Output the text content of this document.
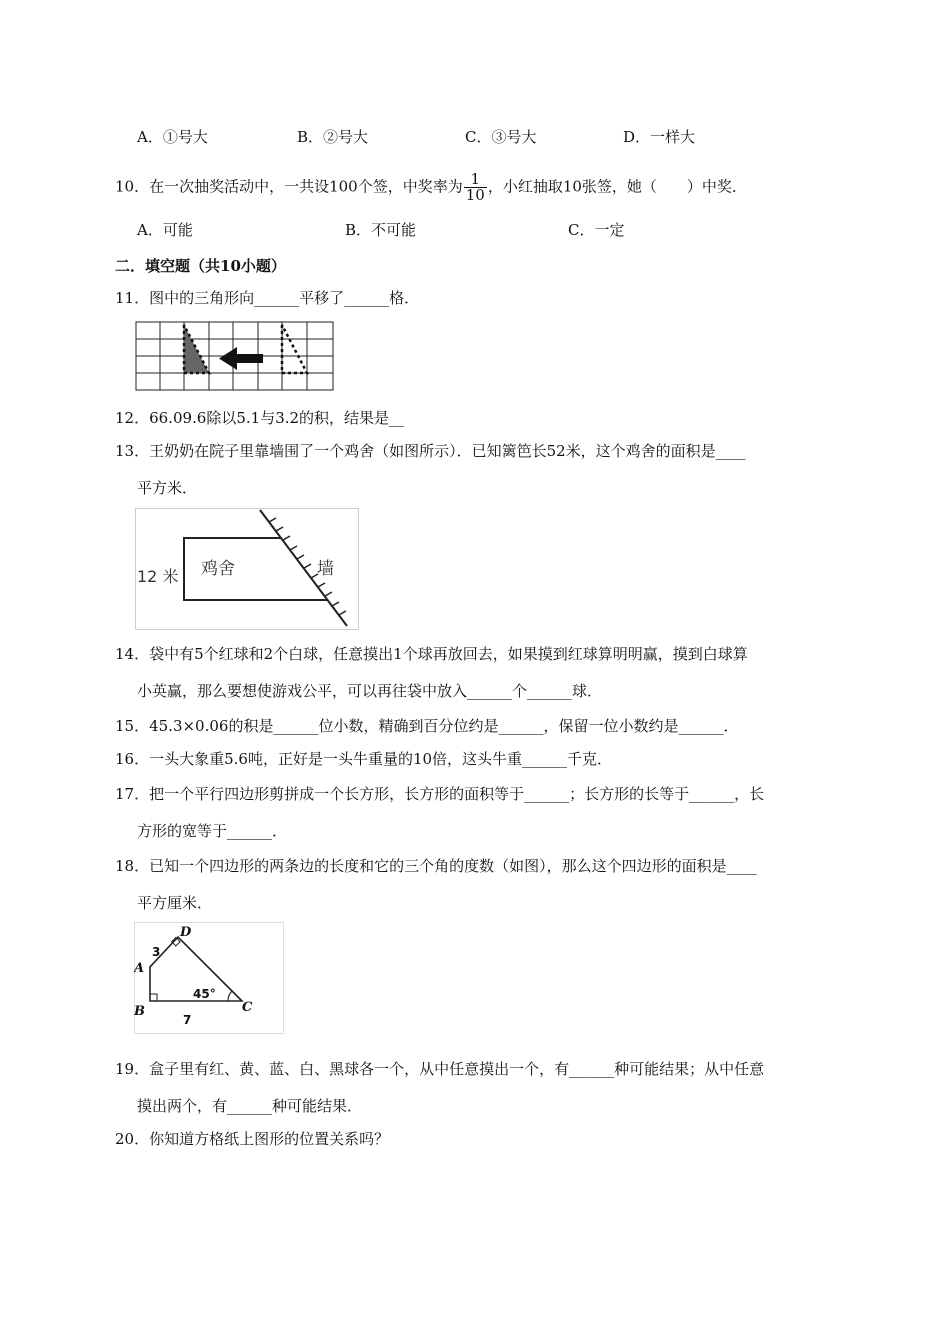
A．①号大	B．②号大	C．③号大	D．一样大
10．在一次抽奖活动中，一共设100个签，中奖率为 $\frac{1}{10}$ ，小红抽取10张签，她（　　）中奖．
A．可能	B．不可能	C．一定
二．填空题（共10小题）
11．图中的三角形向______平移了______格．
12．66.09.6除以5.1与3.2的积，结果是__
13．王奶奶在院子里靠墙围了一个鸡舍（如图所示）．已知篱笆长52米，这个鸡舍的面积是____
平方米．
12 米 鸡舍	墙
14．袋中有5个红球和2个白球，任意摸出1个球再放回去，如果摸到红球算明明赢，摸到白球算
小英赢，那么要想使游戏公平，可以再往袋中放入______个______球．
15．45.3×0.06的积是______位小数，精确到百分位约是______，保留一位小数约是______．
16．一头大象重5.6吨，正好是一头牛重量的10倍，这头牛重______千克．
17．把一个平行四边形剪拼成一个长方形，长方形的面积等于______；长方形的长等于______，长
方形的宽等于______．
18．已知一个四边形的两条边的长度和它的三个角的度数（如图），那么这个四边形的面积是____
平方厘米．
D
A
B	C
3
7
45°
19．盒子里有红、黄、蓝、白、黑球各一个，从中任意摸出一个，有______种可能结果；从中任意
摸出两个，有______种可能结果．
20．你知道方格纸上图形的位置关系吗？
